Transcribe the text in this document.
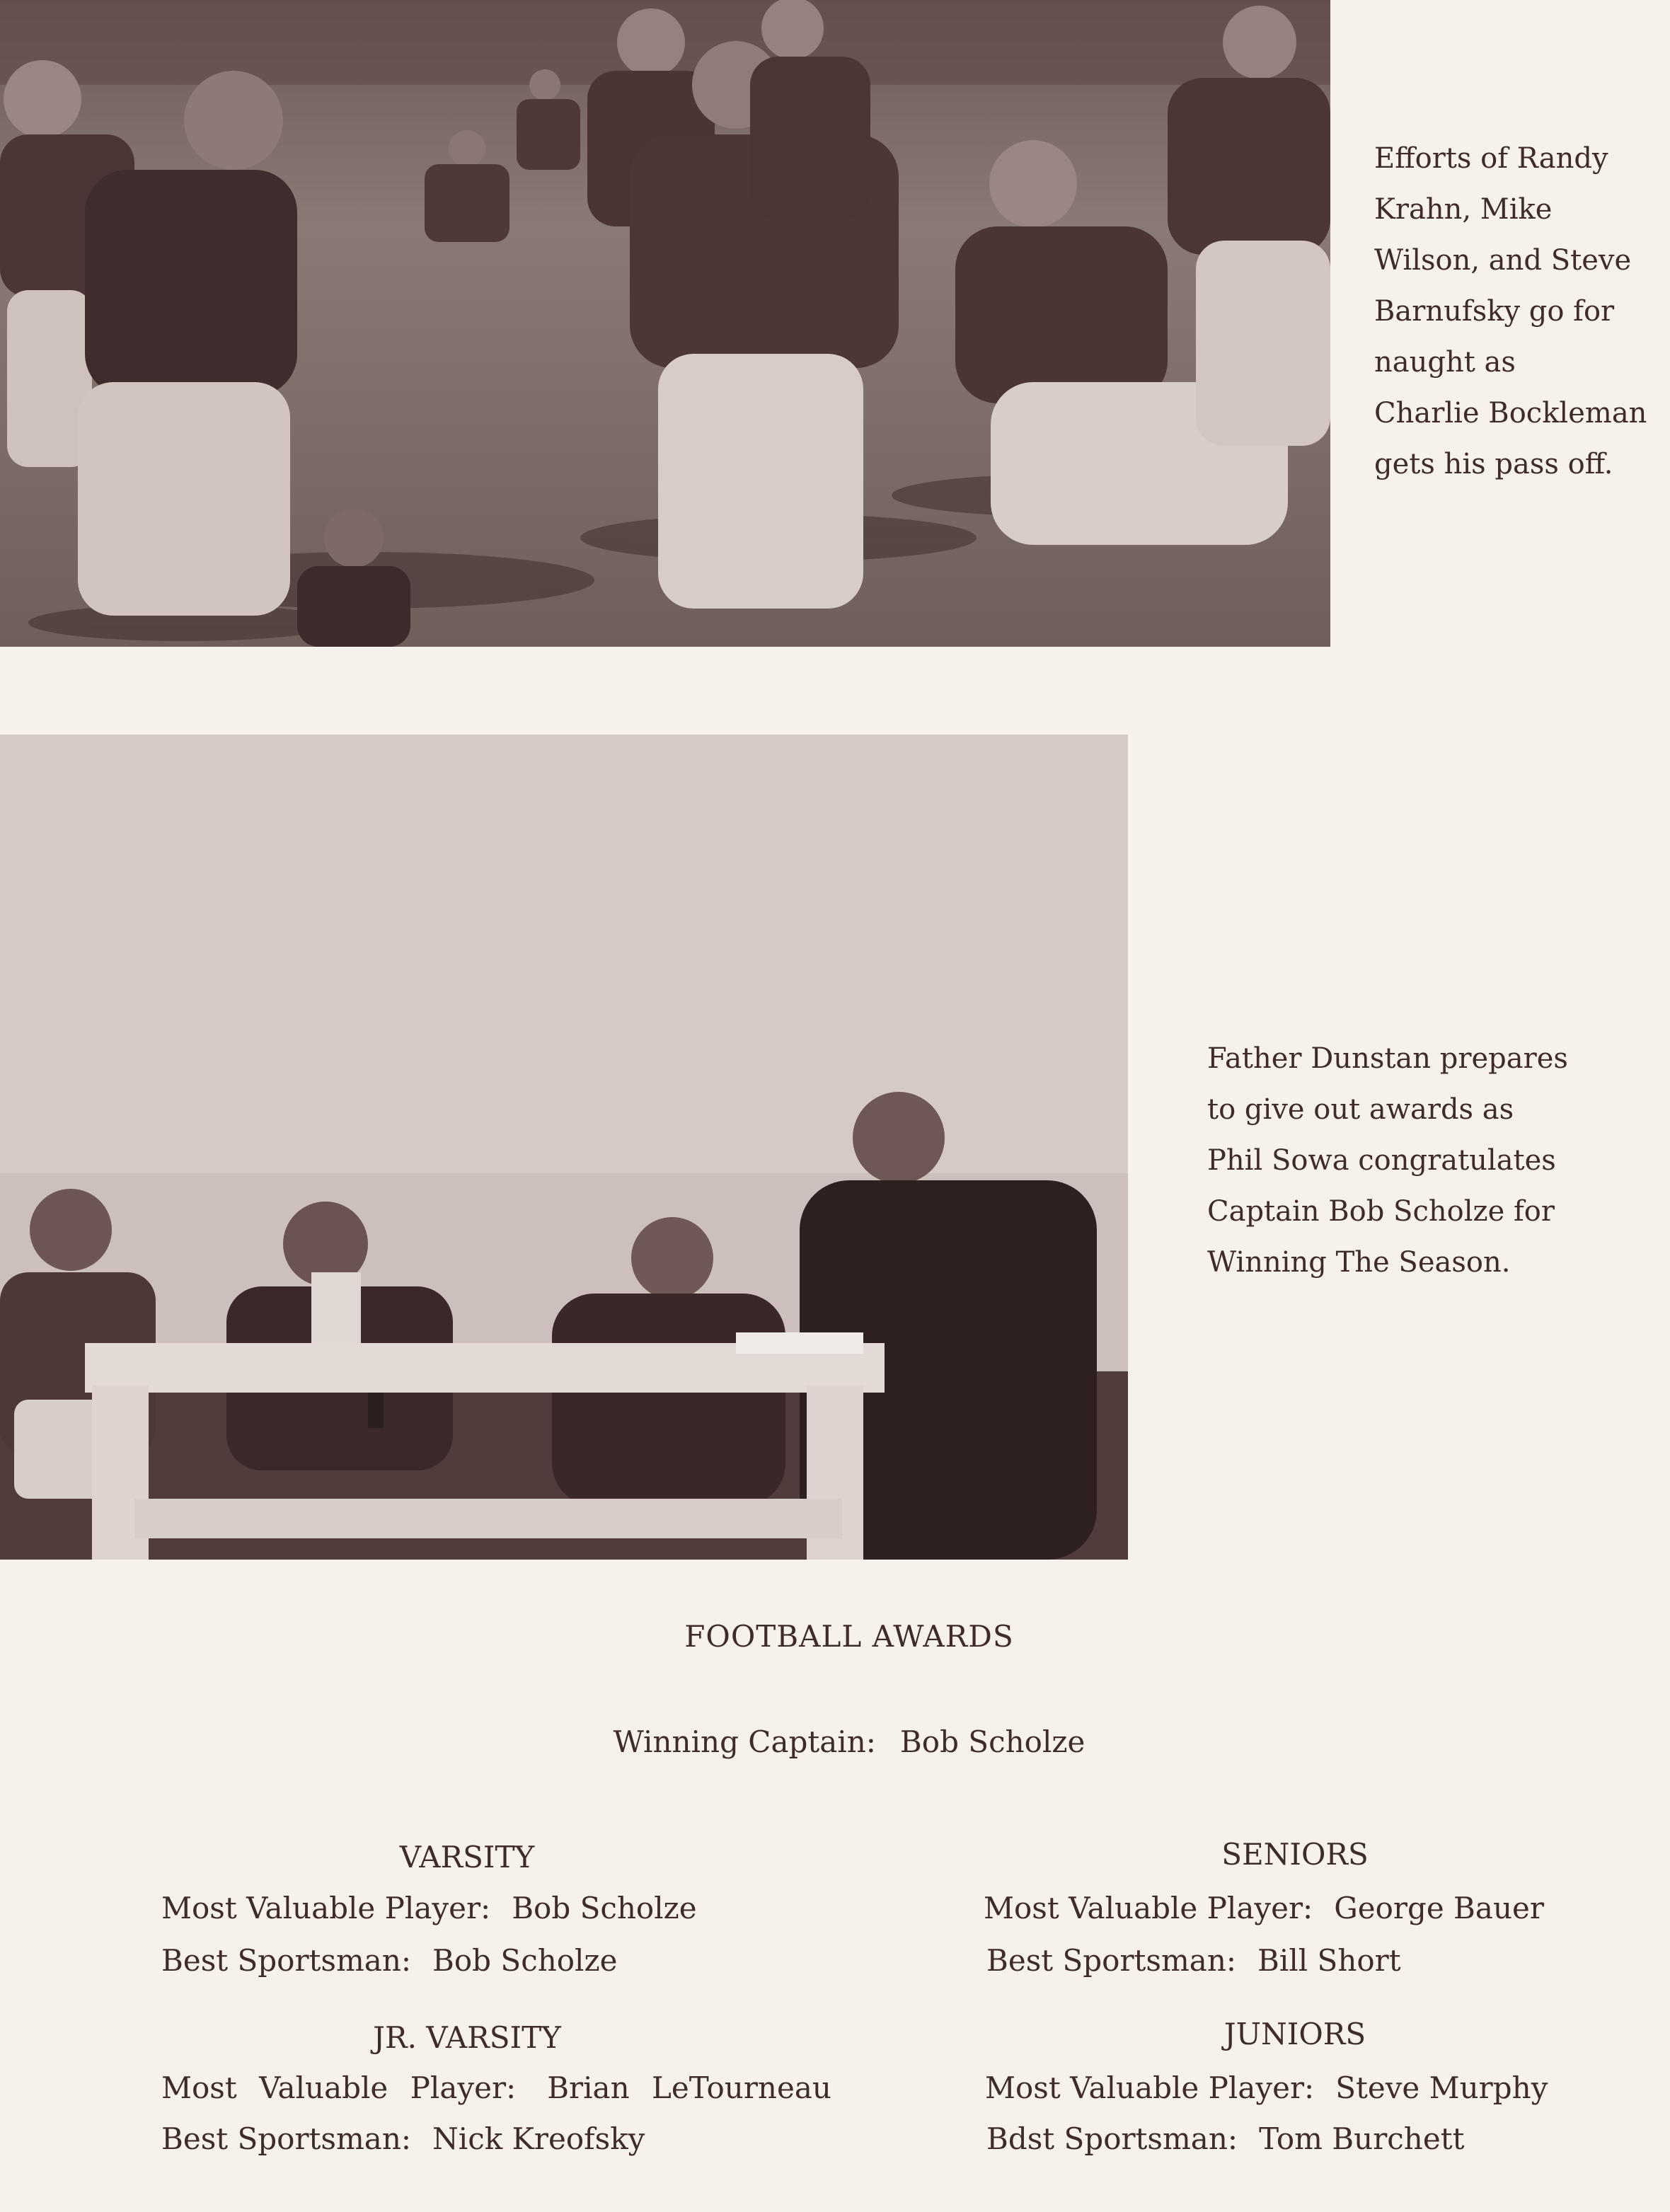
Efforts of Randy
Krahn, Mike
Wilson, and Steve
Barnufsky go for
naught as
Charlie Bockleman
gets his pass off.
Father Dunstan prepares
to give out awards as
Phil Sowa congratulates
Captain Bob Scholze for
Winning The Season.
FOOTBALL AWARDS
Winning Captain: Bob Scholze
VARSITY
Most Valuable Player: Bob Scholze
Best Sportsman: Bob Scholze
JR. VARSITY
Most Valuable Player: Brian LeTourneau
Best Sportsman: Nick Kreofsky
SENIORS
Most Valuable Player: George Bauer
Best Sportsman: Bill Short
JUNIORS
Most Valuable Player: Steve Murphy
Bdst Sportsman: Tom Burchett
